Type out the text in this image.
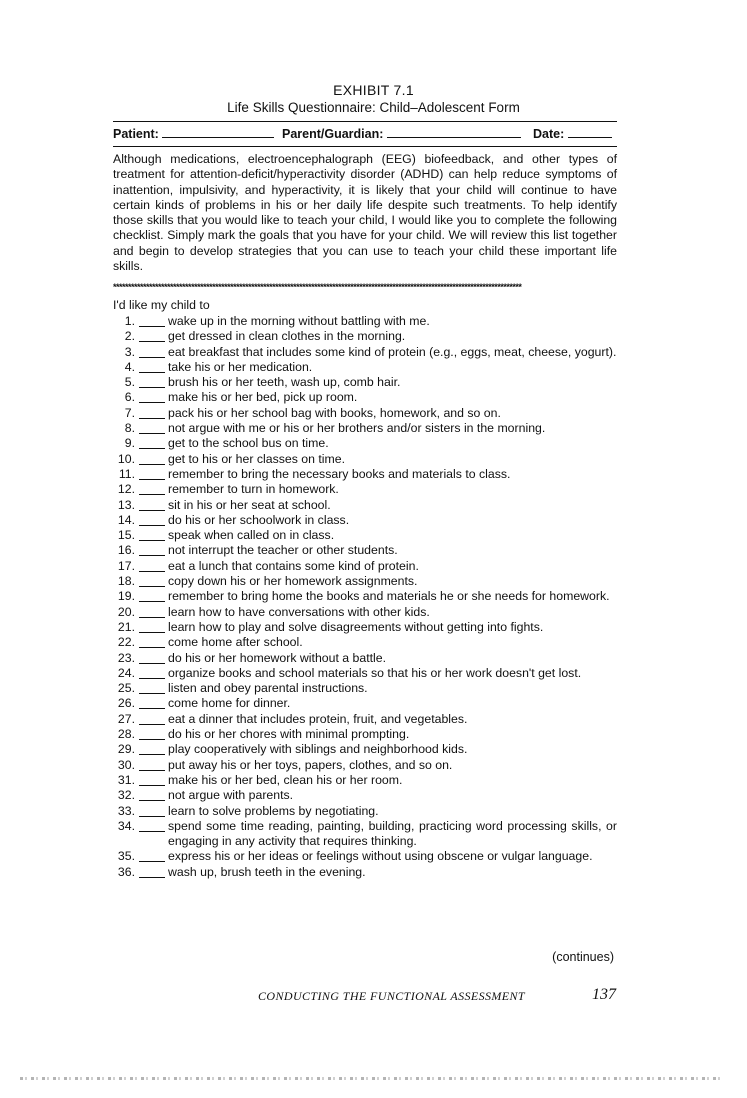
EXHIBIT 7.1
Life Skills Questionnaire: Child–Adolescent Form
Patient:	Parent/Guardian:	Date:

Although medications, electroencephalograph (EEG) biofeedback, and other types of treatment for attention-deficit/hyperactivity disorder (ADHD) can help reduce symptoms of inattention, impulsivity, and hyperactivity, it is likely that your child will continue to have certain kinds of problems in his or her daily life despite such treatments. To help identify those skills that you would like to teach your child, I would like you to complete the following checklist. Simply mark the goals that you have for your child. We will review this list together and begin to develop strategies that you can use to teach your child these important life skills.

****************************************************************************************************************************************
I'd like my child to
1.	wake up in the morning without battling with me.
2.	get dressed in clean clothes in the morning.
3.	eat breakfast that includes some kind of protein (e.g., eggs, meat, cheese, yogurt).
4.	take his or her medication.
5.	brush his or her teeth, wash up, comb hair.
6.	make his or her bed, pick up room.
7.	pack his or her school bag with books, homework, and so on.
8.	not argue with me or his or her brothers and/or sisters in the morning.
9.	get to the school bus on time.
10.	get to his or her classes on time.
11.	remember to bring the necessary books and materials to class.
12.	remember to turn in homework.
13.	sit in his or her seat at school.
14.	do his or her schoolwork in class.
15.	speak when called on in class.
16.	not interrupt the teacher or other students.
17.	eat a lunch that contains some kind of protein.
18.	copy down his or her homework assignments.
19.	remember to bring home the books and materials he or she needs for homework.
20.	learn how to have conversations with other kids.
21.	learn how to play and solve disagreements without getting into fights.
22.	come home after school.
23.	do his or her homework without a battle.
24.	organize books and school materials so that his or her work doesn't get lost.
25.	listen and obey parental instructions.
26.	come home for dinner.
27.	eat a dinner that includes protein, fruit, and vegetables.
28.	do his or her chores with minimal prompting.
29.	play cooperatively with siblings and neighborhood kids.
30.	put away his or her toys, papers, clothes, and so on.
31.	make his or her bed, clean his or her room.
32.	not argue with parents.
33.	learn to solve problems by negotiating.
34.	spend some time reading, painting, building, practicing word processing skills, or engaging in any activity that requires thinking.
35.	express his or her ideas or feelings without using obscene or vulgar language.
36.	wash up, brush teeth in the evening.
(continues)
CONDUCTING THE FUNCTIONAL ASSESSMENT	137
